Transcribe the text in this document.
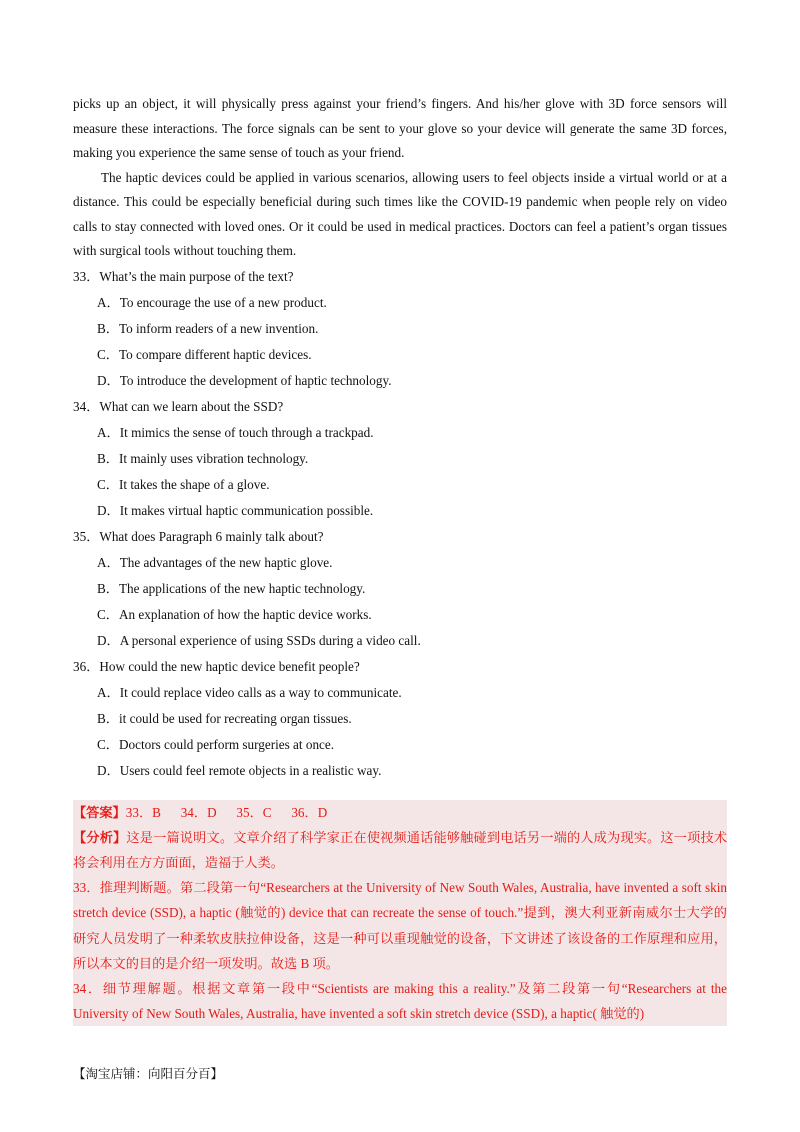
picks up an object, it will physically press against your friend’s fingers. And his/her glove with 3D force sensors will measure these interactions. The force signals can be sent to your glove so your device will generate the same 3D forces, making you experience the same sense of touch as your friend.

The haptic devices could be applied in various scenarios, allowing users to feel objects inside a virtual world or at a distance. This could be especially beneficial during such times like the COVID-19 pandemic when people rely on video calls to stay connected with loved ones. Or it could be used in medical practices. Doctors can feel a patient’s organ tissues with surgical tools without touching them.

33．What’s the main purpose of the text?

A．To encourage the use of a new product.

B．To inform readers of a new invention.

C．To compare different haptic devices.

D．To introduce the development of haptic technology.

34．What can we learn about the SSD?

A．It mimics the sense of touch through a trackpad.

B．It mainly uses vibration technology.

C．It takes the shape of a glove.

D．It makes virtual haptic communication possible.

35．What does Paragraph 6 mainly talk about?

A．The advantages of the new haptic glove.

B．The applications of the new haptic technology.

C．An explanation of how the haptic device works.

D．A personal experience of using SSDs during a video call.

36．How could the new haptic device benefit people?

A．It could replace video calls as a way to communicate.

B．it could be used for recreating organ tissues.

C．Doctors could perform surgeries at once.

D．Users could feel remote objects in a realistic way.

【答案】33．B      34．D      35．C      36．D

【分析】这是一篇说明文。文章介绍了科学家正在使视频通话能够触碰到电话另一端的人成为现实。这一项技术将会利用在方方面面，造福于人类。

33．推理判断题。第二段第一句“Researchers at the University of New South Wales, Australia, have invented a soft skin stretch device (SSD), a haptic (触觉的) device that can recreate the sense of touch.”提到，澳大利亚新南威尔士大学的研究人员发明了一种柔软皮肤拉伸设备，这是一种可以重现触觉的设备，下文讲述了该设备的工作原理和应用，所以本文的目的是介绍一项发明。故选 B 项。

34．细节理解题。根据文章第一段中“Scientists are making this a reality.”及第二段第一句“Researchers at the University of New South Wales, Australia, have invented a soft skin stretch device (SSD), a haptic( 触觉的)

【淘宝店铺：向阳百分百】
